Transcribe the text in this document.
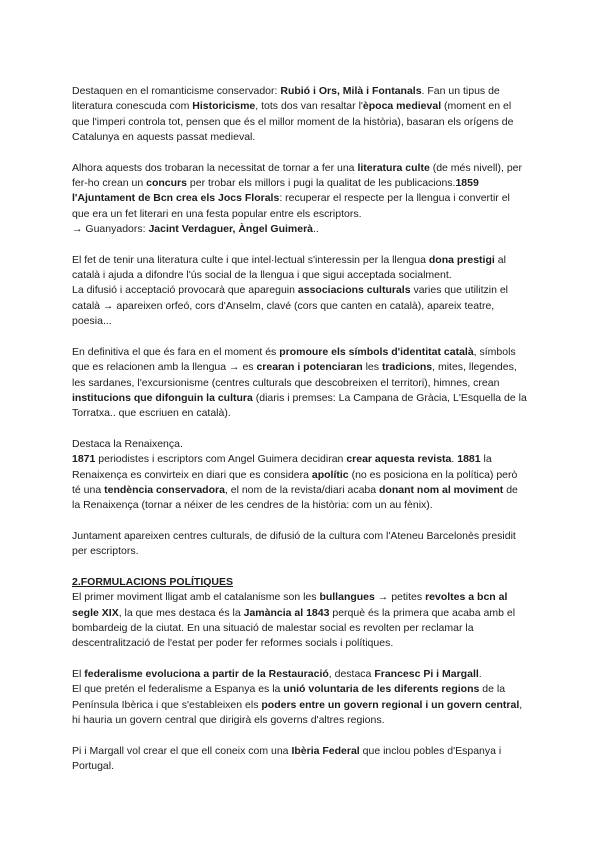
Destaquen en el romanticisme conservador: Rubió i Ors, Milà i Fontanals. Fan un tipus de literatura conescuda com Historicisme, tots dos van resaltar l'època medieval (moment en el que l'imperi controla tot, pensen que és el millor moment de la història), basaran els orígens de Catalunya en aquests passat medieval.

Alhora aquests dos trobaran la necessitat de tornar a fer una literatura culte (de més nivell), per fer-ho crean un concurs per trobar els millors i pugi la qualitat de les publicacions.1859 l'Ajuntament de Bcn crea els Jocs Florals: recuperar el respecte per la llengua i convertir el que era un fet literari en una festa popular entre els escriptors.

→ Guanyadors: Jacint Verdaguer, Àngel Guimerà..

El fet de tenir una literatura culte i que intel·lectual s'interessin per la llengua dona prestigi al català i ajuda a difondre l'ús social de la llengua i que sigui acceptada socialment.

La difusió i acceptació provocarà que apareguin associacions culturals varies que utilitzin el català → apareixen orfeó, cors d'Anselm, clavé (cors que canten en català), apareix teatre, poesia...

En definitiva el que és fara en el moment és promoure els símbols d'identitat català, símbols que es relacionen amb la llengua → es crearan i potenciaran les tradicions, mites, llegendes, les sardanes, l'excursionisme (centres culturals que descobreixen el territori), himnes, crean institucions que difonguin la cultura (diaris i premses: La Campana de Gràcia, L'Esquella de la Torratxa.. que escriuen en català).

Destaca la Renaixença.

1871 periodistes i escriptors com Angel Guimera decidiran crear aquesta revista. 1881 la Renaixença es convirteix en diari que es considera apolític (no es posiciona en la política) però té una tendència conservadora, el nom de la revista/diari acaba donant nom al moviment de la Renaixença (tornar a néixer de les cendres de la història: com un au fènix).

Juntament apareixen centres culturals, de difusió de la cultura com l'Ateneu Barcelonès presidit per escriptors.

2.FORMULACIONS POLÍTIQUES

El primer moviment lligat amb el catalanisme son les bullangues → petites revoltes a bcn al segle XIX, la que mes destaca és la Jamància al 1843 perquè és la primera que acaba amb el bombardeig de la ciutat. En una situació de malestar social es revolten per reclamar la descentralització de l'estat per poder fer reformes socials i polítiques.

El federalisme evoluciona a partir de la Restauració, destaca Francesc Pi i Margall.

El que pretén el federalisme a Espanya es la unió voluntaria de les diferents regions de la Península Ibèrica i que s'estableixen els poders entre un govern regional i un govern central, hi hauria un govern central que dirigirà els governs d'altres regions.

Pi i Margall vol crear el que ell coneix com una Ibèria Federal que inclou pobles d'Espanya i Portugal.
